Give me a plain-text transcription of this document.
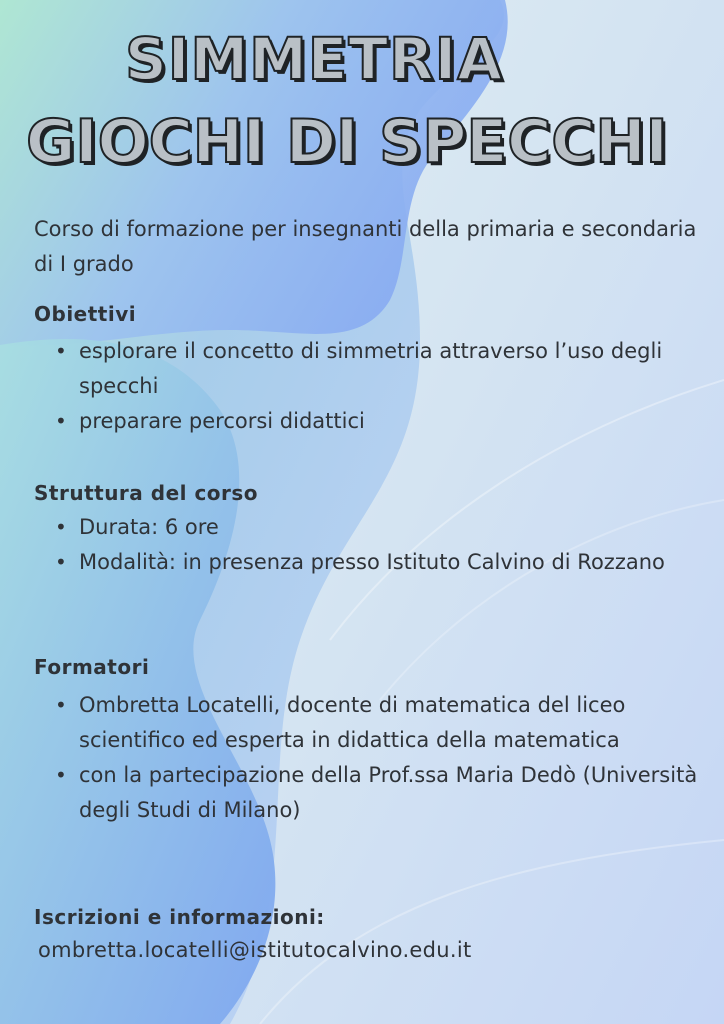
SIMMETRIA
GIOCHI DI SPECCHI

Corso di formazione per insegnanti della primaria e secondaria di I grado

Obiettivi
• esplorare il concetto di simmetria attraverso l’uso degli specchi
• preparare percorsi didattici
Struttura del corso
• Durata: 6 ore
• Modalità: in presenza presso Istituto Calvino di Rozzano
Formatori
• Ombretta Locatelli, docente di matematica del liceo scientifico ed esperta in didattica della matematica
• con la partecipazione della Prof.ssa Maria Dedò (Università degli Studi di Milano)
Iscrizioni e informazioni:

ombretta.locatelli@istitutocalvino.edu.it
